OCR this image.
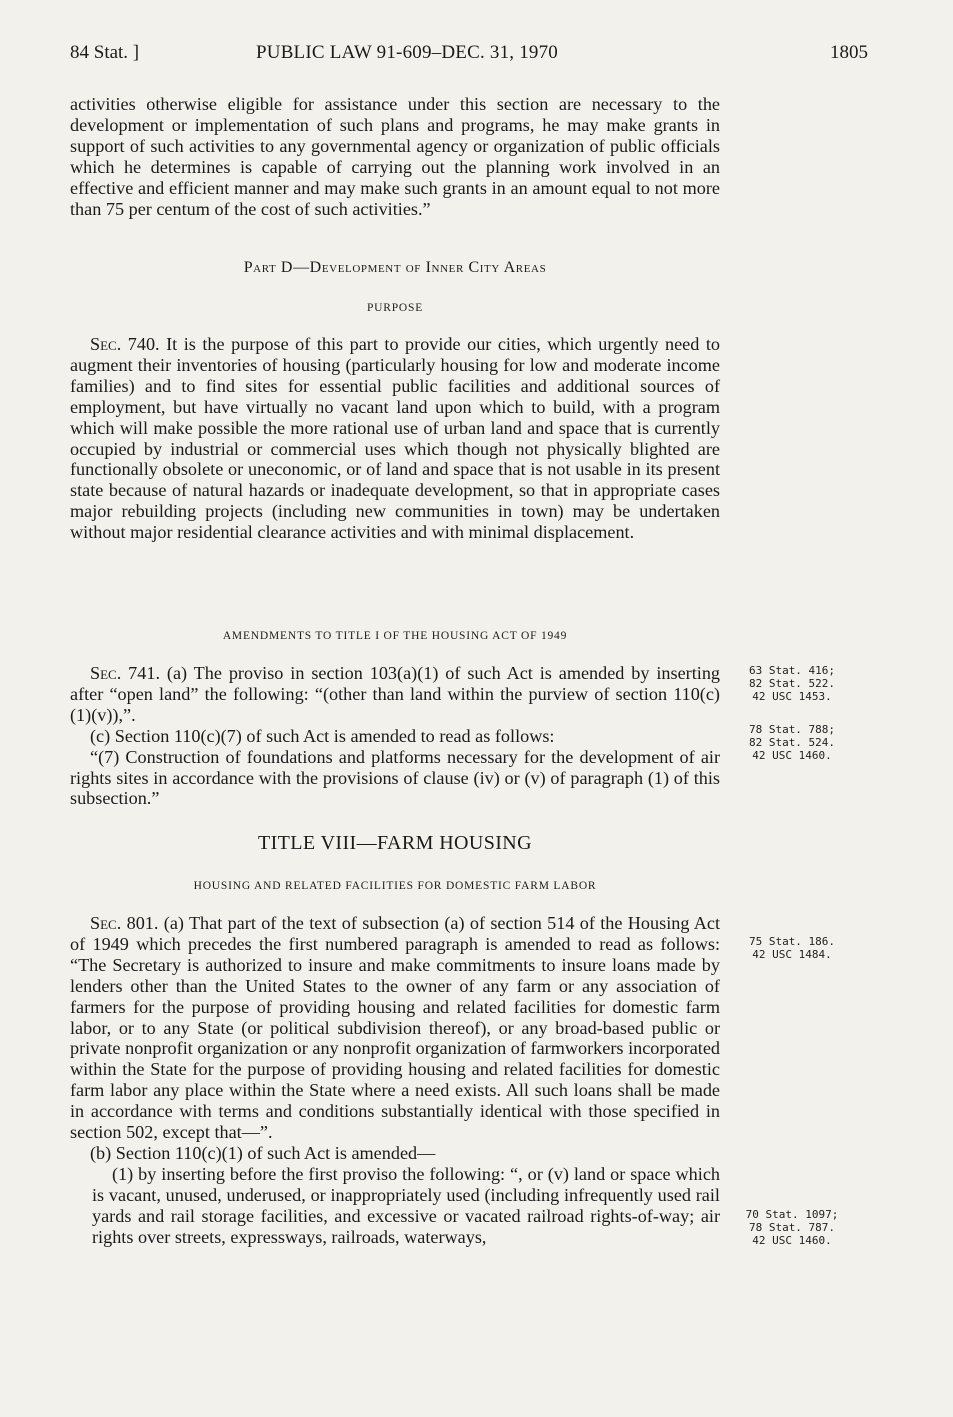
84 Stat. ]	PUBLIC LAW 91-609–DEC. 31, 1970	1805

activities otherwise eligible for assistance under this section are necessary to the development or implementation of such plans and programs, he may make grants in support of such activities to any governmental agency or organization of public officials which he determines is capable of carrying out the planning work involved in an effective and efficient manner and may make such grants in an amount equal to not more than 75 per centum of the cost of such activities.”

Part D—Development of Inner City Areas
PURPOSE

Sec. 740. It is the purpose of this part to provide our cities, which urgently need to augment their inventories of housing (particularly housing for low and moderate income families) and to find sites for essential public facilities and additional sources of employment, but have virtually no vacant land upon which to build, with a program which will make possible the more rational use of urban land and space that is currently occupied by industrial or commercial uses which though not physically blighted are functionally obsolete or uneconomic, or of land and space that is not usable in its present state because of natural hazards or inadequate development, so that in appropriate cases major rebuilding projects (including new communities in town) may be undertaken without major residential clearance activities and with minimal displacement.

AMENDMENTS TO TITLE I OF THE HOUSING ACT OF 1949

Sec. 741. (a) The proviso in section 103(a)(1) of such Act is amended by inserting after “open land” the following: “(other than land within the purview of section 110(c)(1)(v)),”.

(c) Section 110(c)(7) of such Act is amended to read as follows:

“(7) Construction of foundations and platforms necessary for the development of air rights sites in accordance with the provisions of clause (iv) or (v) of paragraph (1) of this subsection.”

TITLE VIII—FARM HOUSING
HOUSING AND RELATED FACILITIES FOR DOMESTIC FARM LABOR

Sec. 801. (a) That part of the text of subsection (a) of section 514 of the Housing Act of 1949 which precedes the first numbered paragraph is amended to read as follows: “The Secretary is authorized to insure and make commitments to insure loans made by lenders other than the United States to the owner of any farm or any association of farmers for the purpose of providing housing and related facilities for domestic farm labor, or to any State (or political subdivision thereof), or any broad-based public or private nonprofit organization or any nonprofit organization of farmworkers incorporated within the State for the purpose of providing housing and related facilities for domestic farm labor any place within the State where a need exists. All such loans shall be made in accordance with terms and conditions substantially identical with those specified in section 502, except that—”.

(b) Section 110(c)(1) of such Act is amended—

(1) by inserting before the first proviso the following: “, or (v) land or space which is vacant, unused, underused, or inappropriately used (including infrequently used rail yards and rail storage facilities, and excessive or vacated railroad rights-of-way; air rights over streets, expressways, railroads, waterways,

63 Stat. 416;
82 Stat. 522.
42 USC 1453.
78 Stat. 788;
82 Stat. 524.
42 USC 1460.
75 Stat. 186.
42 USC 1484.
70 Stat. 1097;
78 Stat. 787.
42 USC 1460.
